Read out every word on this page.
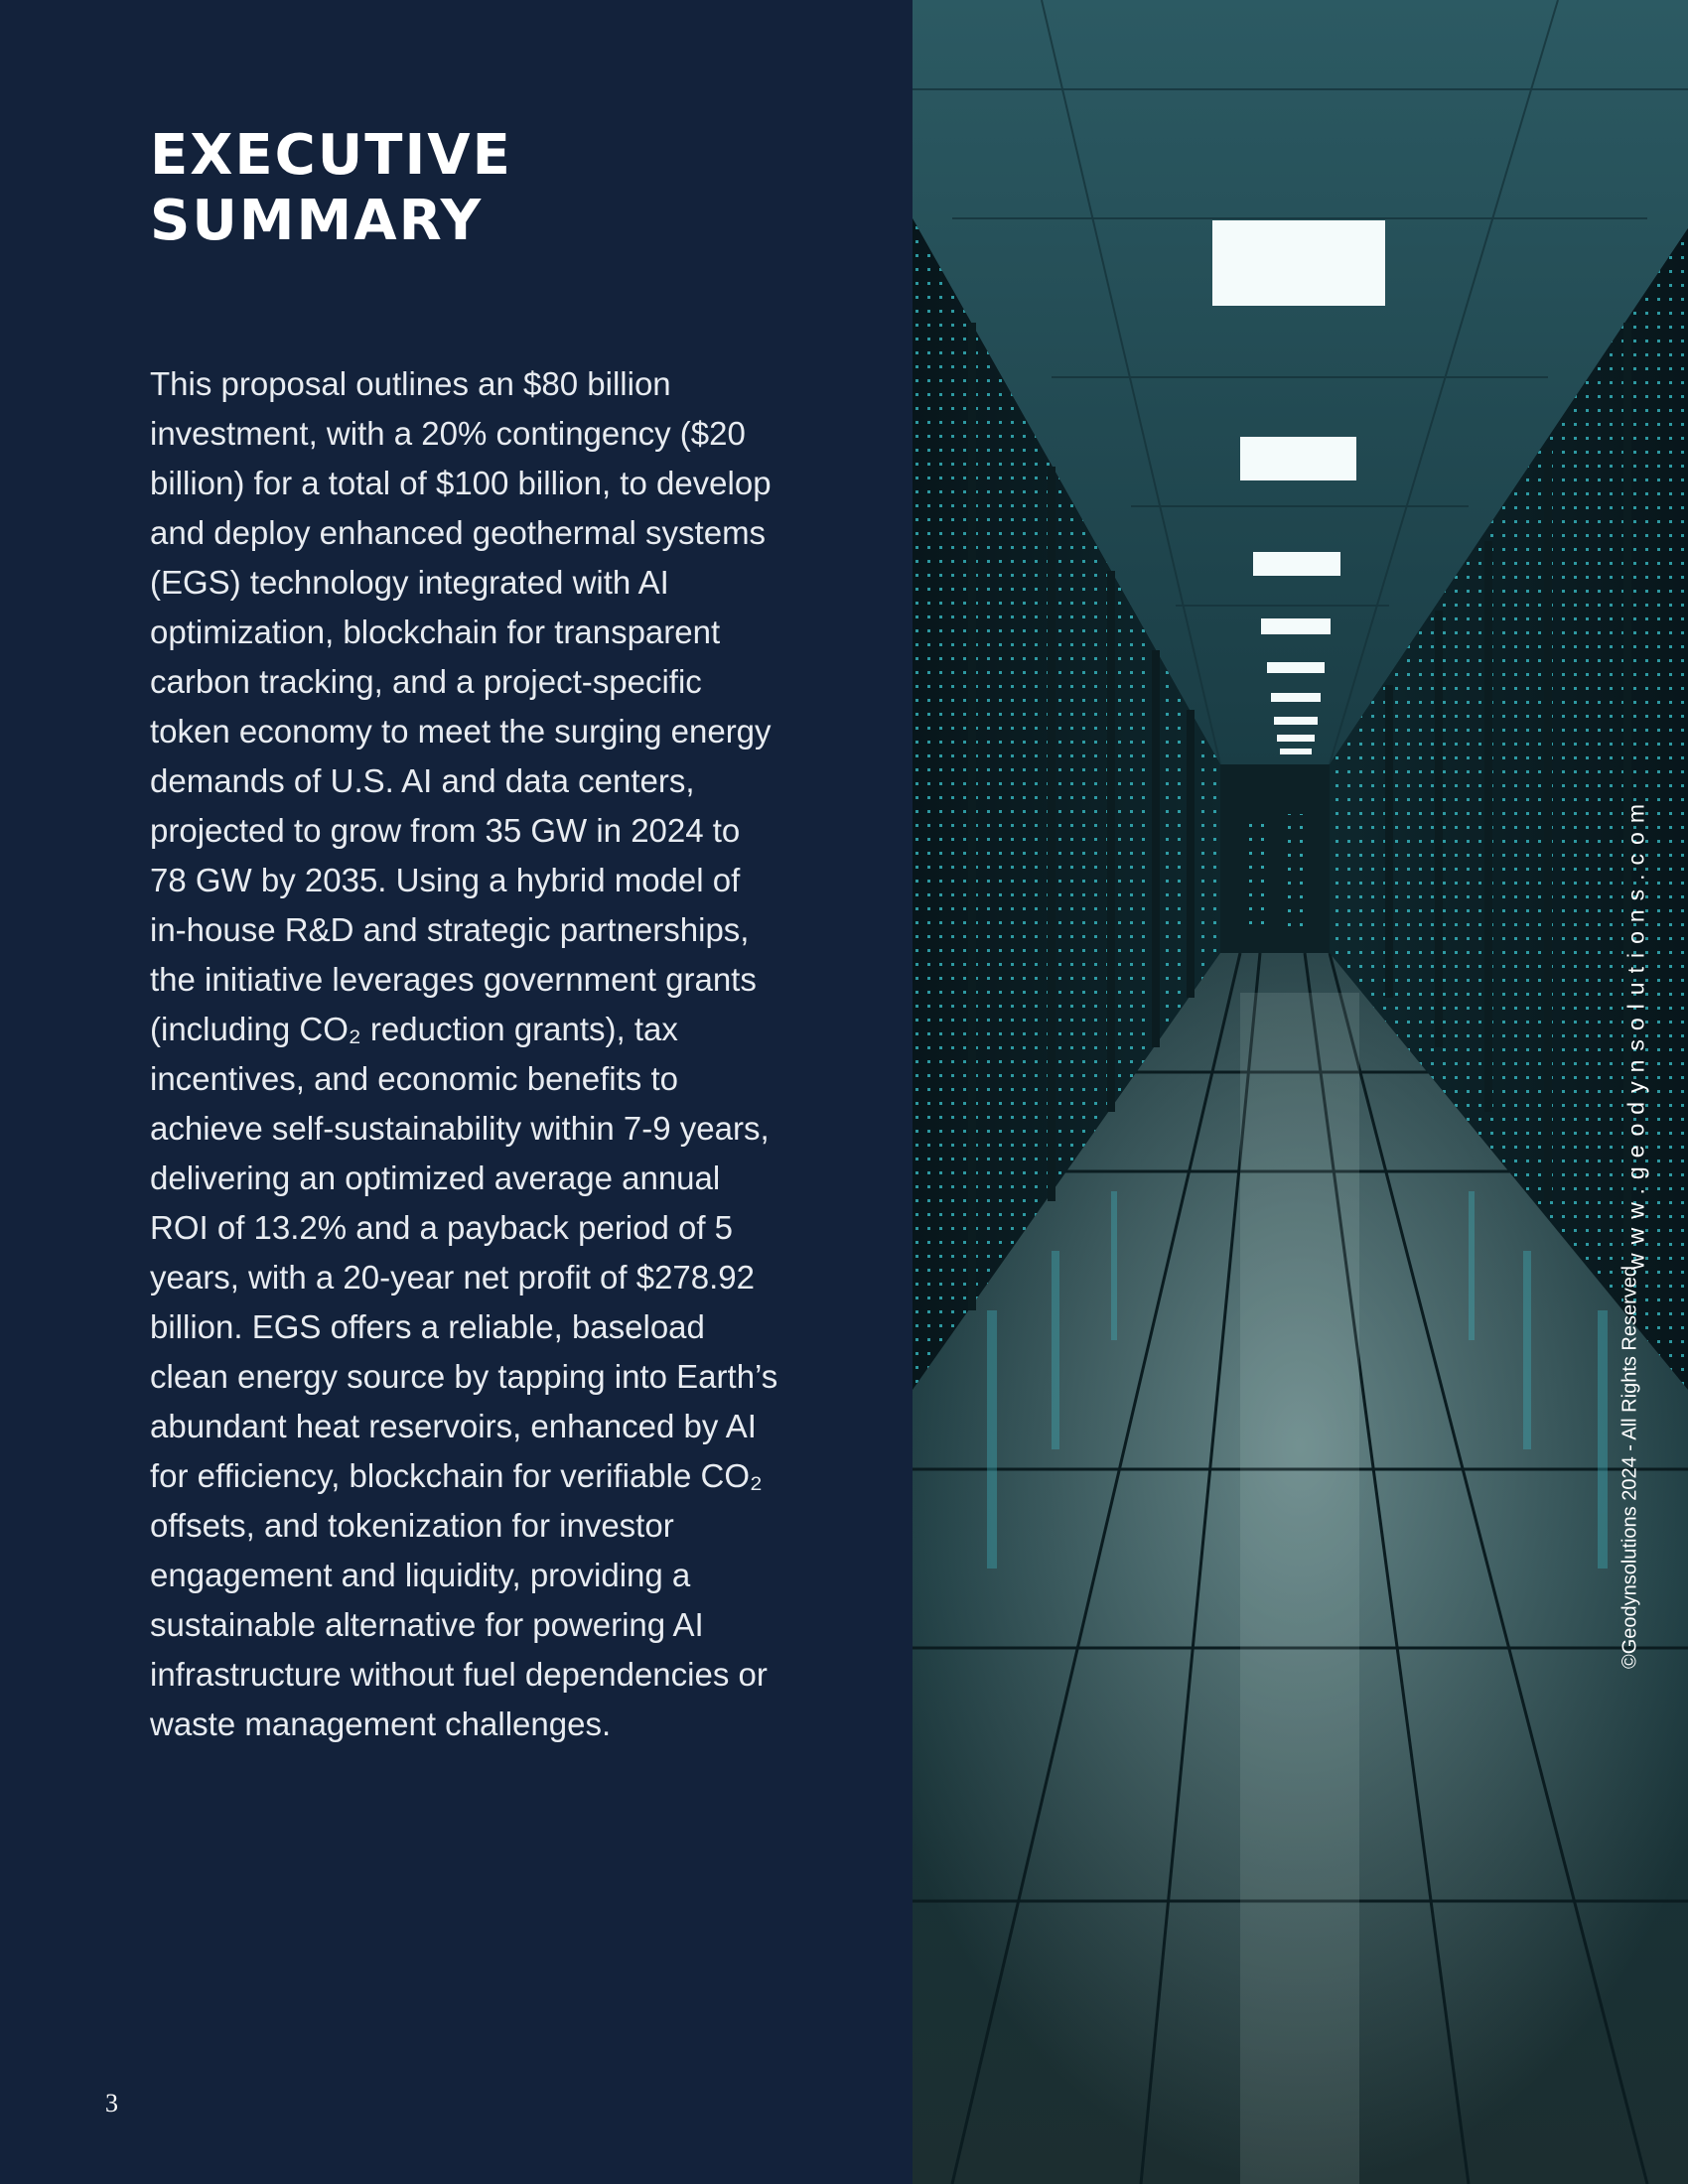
EXECUTIVE
SUMMARY

This proposal outlines an $80 billion investment, with a 20% contingency ($20 billion) for a total of $100 billion, to develop and deploy enhanced geothermal systems (EGS) technology integrated with AI optimization, blockchain for transparent carbon tracking, and a project-specific token economy to meet the surging energy demands of U.S. AI and data centers, projected to grow from 35 GW in 2024 to 78 GW by 2035. Using a hybrid model of in-house R&D and strategic partnerships, the initiative leverages government grants (including CO₂ reduction grants), tax incentives, and economic benefits to achieve self-sustainability within 7-9 years, delivering an optimized average annual ROI of 13.2% and a payback period of 5 years, with a 20-year net profit of $278.92 billion. EGS offers a reliable, baseload clean energy source by tapping into Earth’s abundant heat reservoirs, enhanced by AI for efficiency, blockchain for verifiable CO₂ offsets, and tokenization for investor engagement and liquidity, providing a sustainable alternative for powering AI infrastructure without fuel dependencies or waste management challenges.

3
www.geodynsolutions.com
©Geodynsolutions 2024 - All Rights Reserved
